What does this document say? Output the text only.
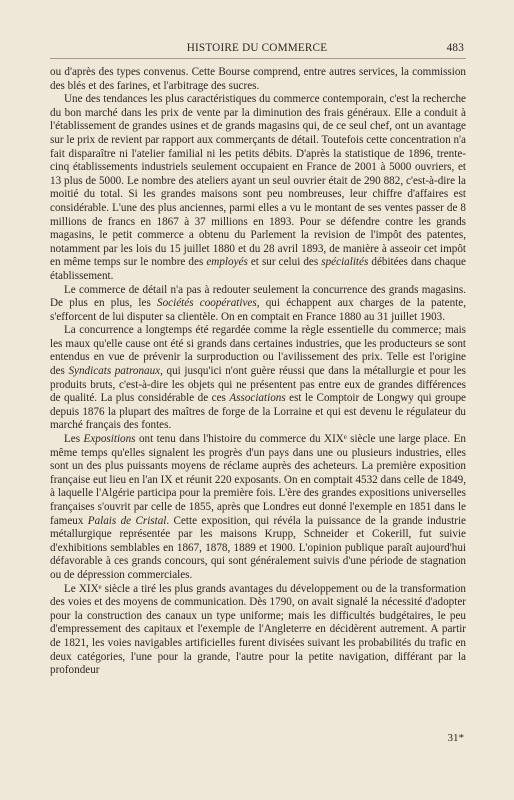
HISTOIRE DU COMMERCE	483

ou d'après des types convenus. Cette Bourse comprend, entre autres services, la commission des blés et des farines, et l'arbitrage des sucres.

Une des tendances les plus caractéristiques du commerce contemporain, c'est la recherche du bon marché dans les prix de vente par la diminution des frais généraux. Elle a conduit à l'établissement de grandes usines et de grands magasins qui, de ce seul chef, ont un avantage sur le prix de revient par rapport aux commerçants de détail. Toutefois cette concentration n'a fait disparaître ni l'atelier familial ni les petits débits. D'après la statistique de 1896, trente-cinq établissements industriels seulement occupaient en France de 2001 à 5000 ouvriers, et 13 plus de 5000. Le nombre des ateliers ayant un seul ouvrier était de 290 882, c'est-à-dire la moitié du total. Si les grandes maisons sont peu nombreuses, leur chiffre d'affaires est considérable. L'une des plus anciennes, parmi elles a vu le montant de ses ventes passer de 8 millions de francs en 1867 à 37 millions en 1893. Pour se défendre contre les grands magasins, le petit commerce a obtenu du Parlement la revision de l'impôt des patentes, notamment par les lois du 15 juillet 1880 et du 28 avril 1893, de manière à asseoir cet impôt en même temps sur le nombre des employés et sur celui des spécialités débitées dans chaque établissement.

Le commerce de détail n'a pas à redouter seulement la concurrence des grands magasins. De plus en plus, les Sociétés coopératives, qui échappent aux charges de la patente, s'efforcent de lui disputer sa clientèle. On en comptait en France 1880 au 31 juillet 1903.

La concurrence a longtemps été regardée comme la règle essentielle du commerce; mais les maux qu'elle cause ont été si grands dans certaines industries, que les producteurs se sont entendus en vue de prévenir la surproduction ou l'avilissement des prix. Telle est l'origine des Syndicats patronaux, qui jusqu'ici n'ont guère réussi que dans la métallurgie et pour les produits bruts, c'est-à-dire les objets qui ne présentent pas entre eux de grandes différences de qualité. La plus considérable de ces Associations est le Comptoir de Longwy qui groupe depuis 1876 la plupart des maîtres de forge de la Lorraine et qui est devenu le régulateur du marché français des fontes.

Les Expositions ont tenu dans l'histoire du commerce du XIXᵉ siècle une large place. En même temps qu'elles signalent les progrès d'un pays dans une ou plusieurs industries, elles sont un des plus puissants moyens de réclame auprès des acheteurs. La première exposition française eut lieu en l'an IX et réunit 220 exposants. On en comptait 4532 dans celle de 1849, à laquelle l'Algérie participa pour la première fois. L'ère des grandes expositions universelles françaises s'ouvrit par celle de 1855, après que Londres eut donné l'exemple en 1851 dans le fameux Palais de Cristal. Cette exposition, qui révéla la puissance de la grande industrie métallurgique représentée par les maisons Krupp, Schneider et Cokerill, fut suivie d'exhibitions semblables en 1867, 1878, 1889 et 1900. L'opinion publique paraît aujourd'hui défavorable à ces grands concours, qui sont généralement suivis d'une période de stagnation ou de dépression commerciales.

Le XIXᵉ siècle a tiré les plus grands avantages du développement ou de la transformation des voies et des moyens de communication. Dès 1790, on avait signalé la nécessité d'adopter pour la construction des canaux un type uniforme; mais les difficultés budgétaires, le peu d'empressement des capitaux et l'exemple de l'Angleterre en décidèrent autrement. A partir de 1821, les voies navigables artificielles furent divisées suivant les probabilités du trafic en deux catégories, l'une pour la grande, l'autre pour la petite navigation, différant par la profondeur

31*
